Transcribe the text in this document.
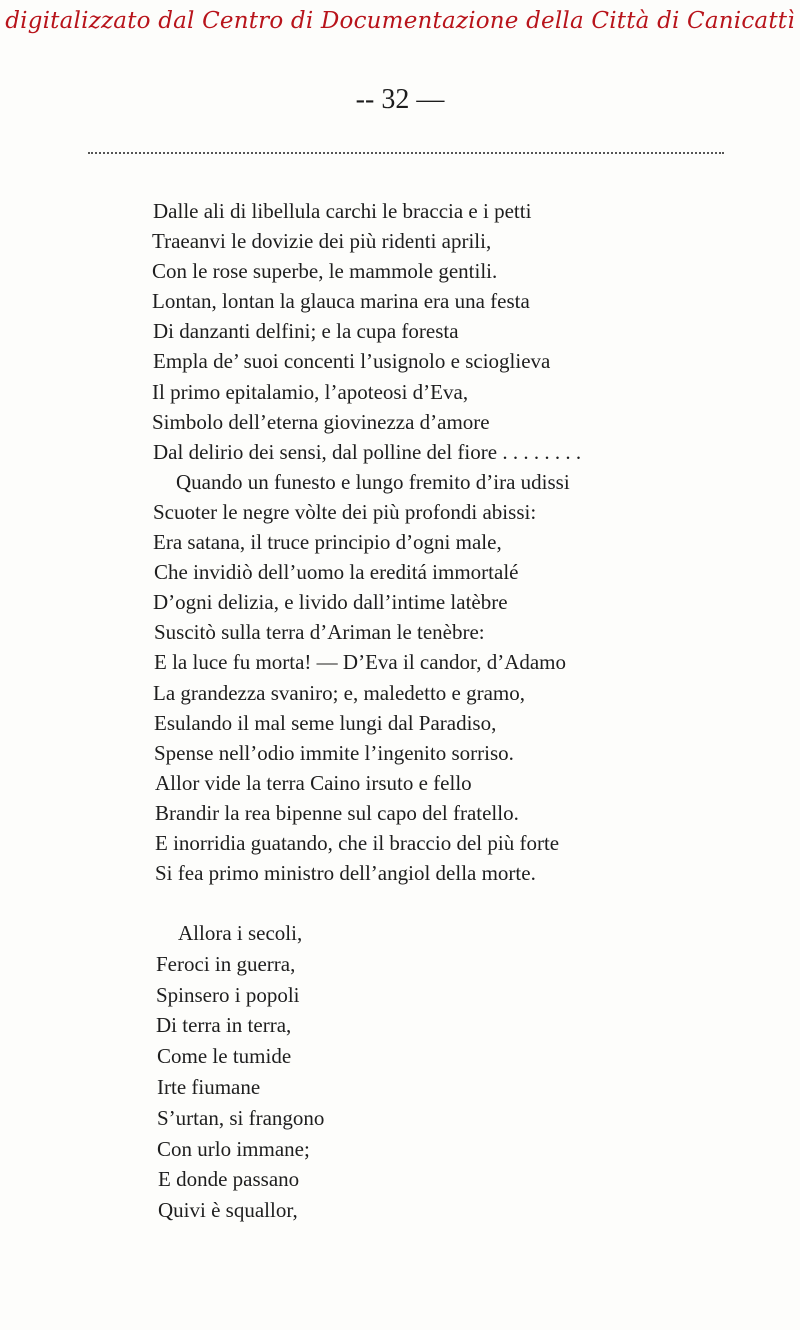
digitalizzato dal Centro di Documentazione della Città di Canicattì
-- 32 —
Dalle ali di libellula carchi le braccia e i petti
Traeanvi le dovizie dei più ridenti aprili,
Con le rose superbe, le mammole gentili.
Lontan, lontan la glauca marina era una festa
Di danzanti delfini; e la cupa foresta
Empla de’ suoi concenti l’usignolo e scioglieva
Il primo epitalamio, l’apoteosi d’Eva,
Simbolo dell’eterna giovinezza d’amore
Dal delirio dei sensi, dal polline del fiore . . . . . . . .
Quando un funesto e lungo fremito d’ira udissi
Scuoter le negre vòlte dei più profondi abissi:
Era satana, il truce principio d’ogni male,
Che invidiò dell’uomo la ereditá immortalé
D’ogni delizia, e livido dall’intime latèbre
Suscitò sulla terra d’Ariman le tenèbre:
E la luce fu morta! — D’Eva il candor, d’Adamo
La grandezza svaniro; e, maledetto e gramo,
Esulando il mal seme lungi dal Paradiso,
Spense nell’odio immite l’ingenito sorriso.
Allor vide la terra Caino irsuto e fello
Brandir la rea bipenne sul capo del fratello.
E inorridia guatando, che il braccio del più forte
Si fea primo ministro dell’angiol della morte.
Allora i secoli,
Feroci in guerra,
Spinsero i popoli
Di terra in terra,
Come le tumide
Irte fiumane
S’urtan, si frangono
Con urlo immane;
E donde passano
Quivi è squallor,
